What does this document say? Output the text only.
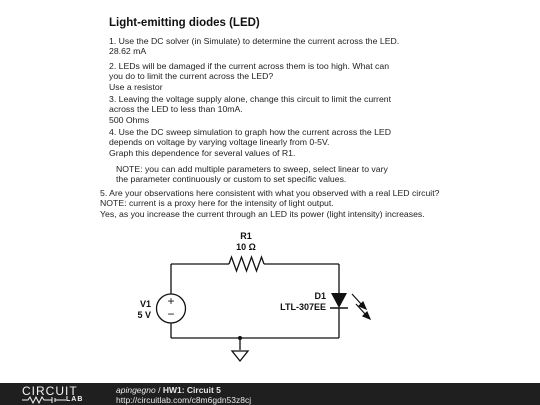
Light-emitting diodes (LED)
1. Use the DC solver (in Simulate) to determine the current across the LED.
28.62 mA
2. LEDs will be damaged if the current across them is too high. What can
you do to limit the current across the LED?
Use a resistor
3. Leaving the voltage supply alone, change this circuit to limit the current
across the LED to less than 10mA.
500 Ohms
4. Use the DC sweep simulation to graph how the current across the LED
depends on voltage by varying voltage linearly from 0-5V.
Graph this dependence for several values of R1.
NOTE: you can add multiple parameters to sweep, select linear to vary
the parameter continuously or custom to set specific values.
5. Are your observations here consistent with what you observed with a real LED circuit?
NOTE: current is a proxy here for the intensity of light output.
Yes, as you increase the current through an LED its power (light intensity) increases.
+
−
R1
10 Ω
V1
5 V
D1
LTL-307EE
CIRCUIT
LAB
apingegno / HW1: Circuit 5
http://circuitlab.com/c8m6gdn53z8cj
